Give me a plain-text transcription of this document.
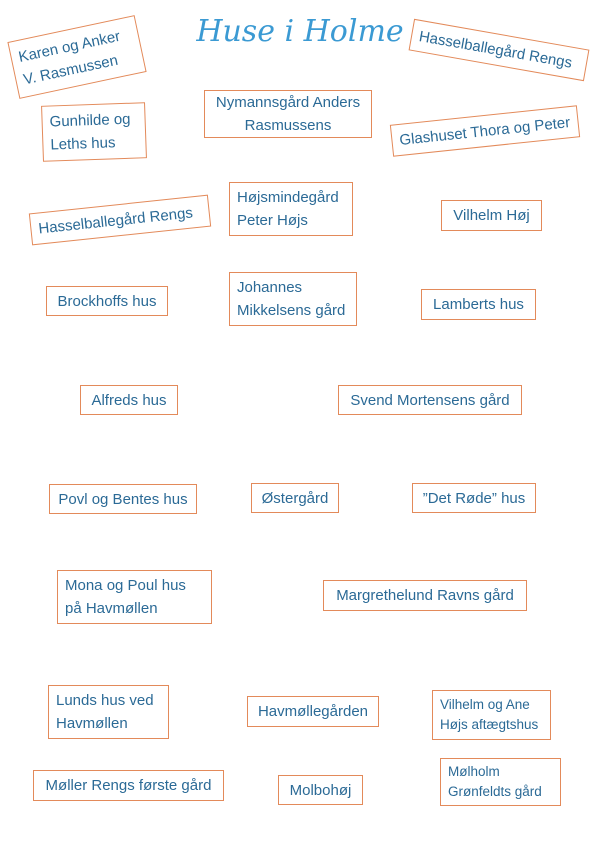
Huse i Holme
Karen og Anker
V. Rasmussen	Hasselballegård Rengs
Gunhilde og
Leths hus
Nymannsgård Anders
Rasmussens	Glashuset Thora og Peter
Hasselballegård Rengs
Højsmindegård
Peter Højs	Vilhelm Høj
Brockhoffs hus
Johannes
Mikkelsens gård	Lamberts hus
Alfreds hus	Svend Mortensens gård
Povl og Bentes hus	Østergård	”Det Røde” hus
Mona og Poul hus
på Havmøllen
Margrethelund Ravns gård
Lunds hus ved
Havmøllen
Havmøllegården	Vilhelm og Ane
Højs aftægtshus
Møller Rengs første gård	Molbohøj
Mølholm
Grønfeldts gård
